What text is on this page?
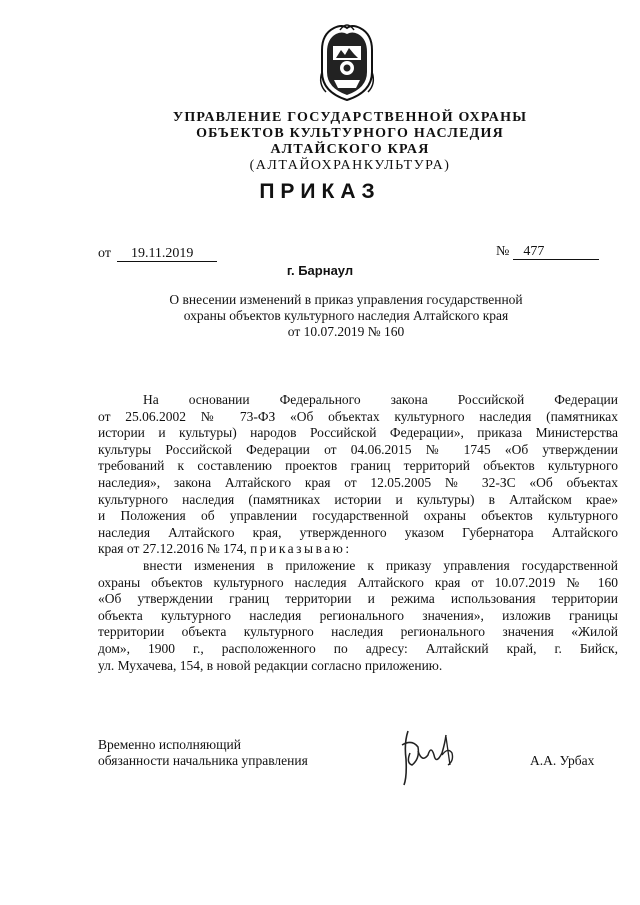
УПРАВЛЕНИЕ ГОСУДАРСТВЕННОЙ ОХРАНЫ
ОБЪЕКТОВ КУЛЬТУРНОГО НАСЛЕДИЯ
АЛТАЙСКОГО КРАЯ
(АЛТАЙОХРАНКУЛЬТУРА)
ПРИКАЗ
от 19.11.2019	№ 477
г. Барнаул
О внесении изменений в приказ управления государственной
охраны объектов культурного наследия Алтайского края
от 10.07.2019 № 160
На основании Федерального закона Российской Федерации
от 25.06.2002 № 73-ФЗ «Об объектах культурного наследия (памятниках
истории и культуры) народов Российской Федерации», приказа Министерства
культуры Российской Федерации от 04.06.2015 № 1745 «Об утверждении
требований к составлению проектов границ территорий объектов культурного
наследия», закона Алтайского края от 12.05.2005 № 32-ЗС «Об объектах
культурного наследия (памятниках истории и культуры) в Алтайском крае»
и Положения об управлении государственной охраны объектов культурного
наследия Алтайского края, утвержденного указом Губернатора Алтайского
края от 27.12.2016 № 174, приказываю:
внести изменения в приложение к приказу управления государственной
охраны объектов культурного наследия Алтайского края от 10.07.2019 № 160
«Об утверждении границ территории и режима использования территории
объекта культурного наследия регионального значения», изложив границы
территории объекта культурного наследия регионального значения «Жилой
дом», 1900 г., расположенного по адресу: Алтайский край, г. Бийск,
ул. Мухачева, 154, в новой редакции согласно приложению.
Временно исполняющий
обязанности начальника управления	А.А. Урбах
